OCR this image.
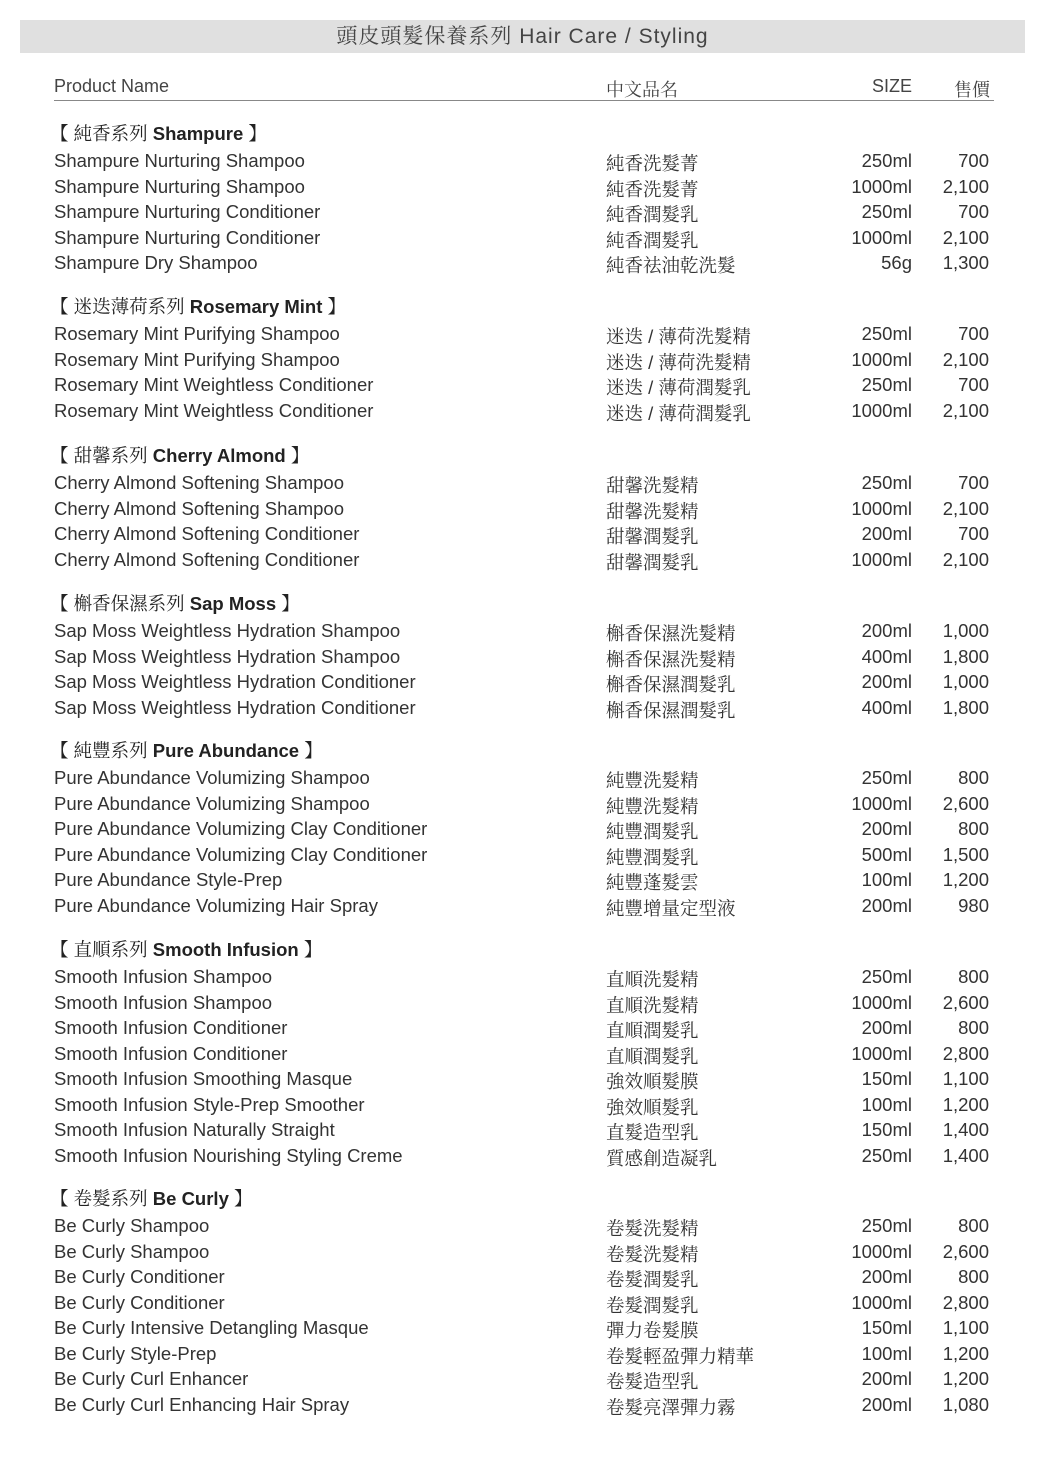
頭皮頭髮保養系列 Hair Care / Styling
Product Name	中文品名	SIZE 售價
【 純香系列 Shampure 】
Shampure Nurturing Shampoo	純香洗髮菁	250ml 700
Shampure Nurturing Shampoo	純香洗髮菁	1000ml 2,100
Shampure Nurturing Conditioner	純香潤髮乳	250ml 700
Shampure Nurturing Conditioner	純香潤髮乳	1000ml 2,100
Shampure Dry Shampoo	純香祛油乾洗髮	56g 1,300
【 迷迭薄荷系列 Rosemary Mint 】
Rosemary Mint Purifying Shampoo	迷迭 / 薄荷洗髮精	250ml 700
Rosemary Mint Purifying Shampoo	迷迭 / 薄荷洗髮精	1000ml 2,100
Rosemary Mint Weightless Conditioner	迷迭 / 薄荷潤髮乳	250ml 700
Rosemary Mint Weightless Conditioner	迷迭 / 薄荷潤髮乳	1000ml 2,100
【 甜馨系列 Cherry Almond 】
Cherry Almond Softening Shampoo	甜馨洗髮精	250ml 700
Cherry Almond Softening Shampoo	甜馨洗髮精	1000ml 2,100
Cherry Almond Softening Conditioner	甜馨潤髮乳	200ml 700
Cherry Almond Softening Conditioner	甜馨潤髮乳	1000ml 2,100
【 槲香保濕系列 Sap Moss 】
Sap Moss Weightless Hydration Shampoo	槲香保濕洗髮精	200ml 1,000
Sap Moss Weightless Hydration Shampoo	槲香保濕洗髮精	400ml 1,800
Sap Moss Weightless Hydration Conditioner	槲香保濕潤髮乳	200ml 1,000
Sap Moss Weightless Hydration Conditioner	槲香保濕潤髮乳	400ml 1,800
【 純豐系列 Pure Abundance 】
Pure Abundance Volumizing Shampoo	純豐洗髮精	250ml 800
Pure Abundance Volumizing Shampoo	純豐洗髮精	1000ml 2,600
Pure Abundance Volumizing Clay Conditioner	純豐潤髮乳	200ml 800
Pure Abundance Volumizing Clay Conditioner	純豐潤髮乳	500ml 1,500
Pure Abundance Style-Prep	純豐蓬髮雲	100ml 1,200
Pure Abundance Volumizing Hair Spray	純豐增量定型液	200ml 980
【 直順系列 Smooth Infusion 】
Smooth Infusion Shampoo	直順洗髮精	250ml 800
Smooth Infusion Shampoo	直順洗髮精	1000ml 2,600
Smooth Infusion Conditioner	直順潤髮乳	200ml 800
Smooth Infusion Conditioner	直順潤髮乳	1000ml 2,800
Smooth Infusion Smoothing Masque	強效順髮膜	150ml 1,100
Smooth Infusion Style-Prep Smoother	強效順髮乳	100ml 1,200
Smooth Infusion Naturally Straight	直髮造型乳	150ml 1,400
Smooth Infusion Nourishing Styling Creme	質感創造凝乳	250ml 1,400
【 卷髮系列 Be Curly 】
Be Curly Shampoo	卷髮洗髮精	250ml 800
Be Curly Shampoo	卷髮洗髮精	1000ml 2,600
Be Curly Conditioner	卷髮潤髮乳	200ml 800
Be Curly Conditioner	卷髮潤髮乳	1000ml 2,800
Be Curly Intensive Detangling Masque	彈力卷髮膜	150ml 1,100
Be Curly Style-Prep	卷髮輕盈彈力精華	100ml 1,200
Be Curly Curl Enhancer	卷髮造型乳	200ml 1,200
Be Curly Curl Enhancing Hair Spray	卷髮亮澤彈力霧	200ml 1,080
